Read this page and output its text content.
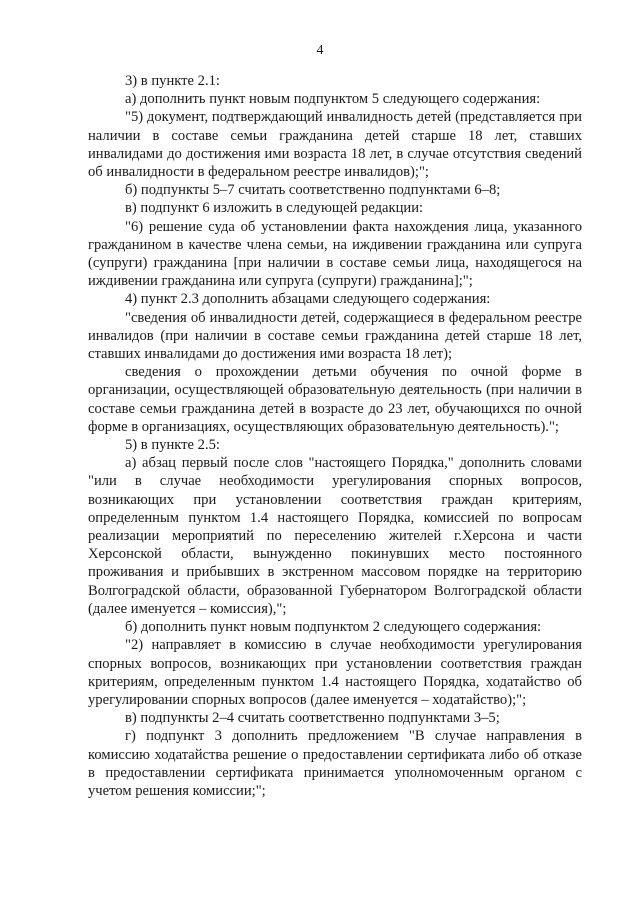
4

3) в пункте 2.1:

а) дополнить пункт новым подпунктом 5 следующего содержания:

"5) документ, подтверждающий инвалидность детей (представляется при наличии в составе семьи гражданина детей старше 18 лет, ставших инвалидами до достижения ими возраста 18 лет, в случае отсутствия сведений об инвалидности в федеральном реестре инвалидов);";

б) подпункты 5–7 считать соответственно подпунктами 6–8;

в) подпункт 6 изложить в следующей редакции:

"6) решение суда об установлении факта нахождения лица, указанного гражданином в качестве члена семьи, на иждивении гражданина или супруга (супруги) гражданина [при наличии в составе семьи лица, находящегося на иждивении гражданина или супруга (супруги) гражданина];";

4) пункт 2.3 дополнить абзацами следующего содержания:

"сведения об инвалидности детей, содержащиеся в федеральном реестре инвалидов (при наличии в составе семьи гражданина детей старше 18 лет, ставших инвалидами до достижения ими возраста 18 лет);

сведения о прохождении детьми обучения по очной форме в организации, осуществляющей образовательную деятельность (при наличии в составе семьи гражданина детей в возрасте до 23 лет, обучающихся по очной форме в организациях, осуществляющих образовательную деятельность).";

5) в пункте 2.5:

а) абзац первый после слов "настоящего Порядка," дополнить словами "или в случае необходимости урегулирования спорных вопросов, возникающих при установлении соответствия граждан критериям, определенным пунктом 1.4 настоящего Порядка, комиссией по вопросам реализации мероприятий по переселению жителей г.Херсона и части Херсонской области, вынужденно покинувших место постоянного проживания и прибывших в экстренном массовом порядке на территорию Волгоградской области, образованной Губернатором Волгоградской области (далее именуется – комиссия),";

б) дополнить пункт новым подпунктом 2 следующего содержания:

"2) направляет в комиссию в случае необходимости урегулирования спорных вопросов, возникающих при установлении соответствия граждан критериям, определенным пунктом 1.4 настоящего Порядка, ходатайство об урегулировании спорных вопросов (далее именуется – ходатайство);";

в) подпункты 2–4 считать соответственно подпунктами 3–5;

г) подпункт 3 дополнить предложением "В случае направления в комиссию ходатайства решение о предоставлении сертификата либо об отказе в предоставлении сертификата принимается уполномоченным органом с учетом решения комиссии;";
